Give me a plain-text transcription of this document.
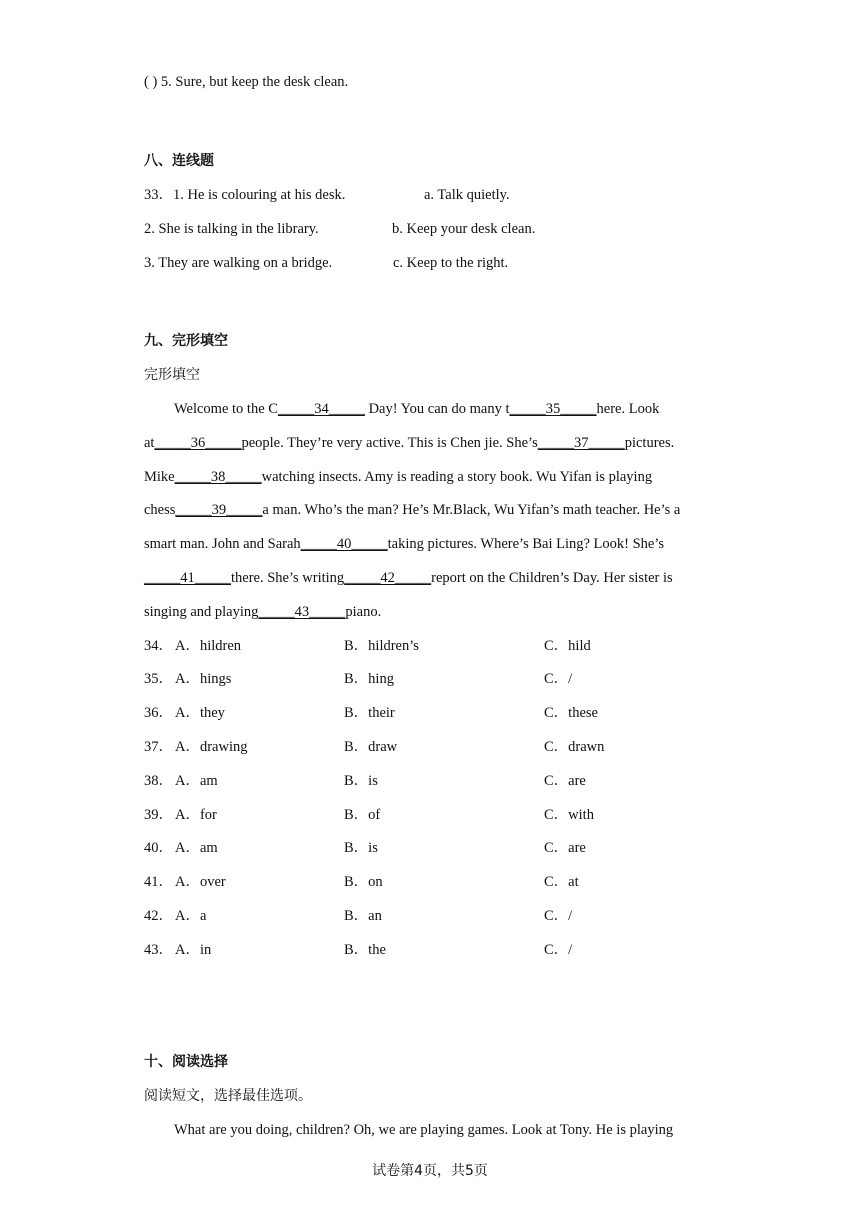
( ) 5. Sure, but keep the desk clean.
八、连线题
33．1. He is colouring at his desk.	a. Talk quietly.
2. She is talking in the library.	b. Keep your desk clean.
3. They are walking on a bridge.	c. Keep to the right.
九、完形填空
完形填空
Welcome to the C_____34_____ Day! You can do many t_____35_____here. Look
at_____36_____people. They’re very active. This is Chen jie. She’s_____37_____pictures.
Mike_____38_____watching insects. Amy is reading a story book. Wu Yifan is playing
chess_____39_____a man. Who’s the man? He’s Mr.Black, Wu Yifan’s math teacher. He’s a
smart man. John and Sarah_____40_____taking pictures. Where’s Bai Ling? Look! She’s
_____41_____there. She’s writing_____42_____report on the Children’s Day. Her sister is
singing and playing_____43_____piano.
34． A．hildren	B．hildren’s	C．hild
35． A．hings	B．hing	C．/
36． A．they	B．their	C．these
37． A．drawing	B．draw	C．drawn
38． A．am	B．is	C．are
39． A．for	B．of	C．with
40． A．am	B．is	C．are
41． A．over	B．on	C．at
42． A．a	B．an	C．/
43． A．in	B．the	C．/
十、阅读选择
阅读短文，选择最佳选项。
What are you doing, children? Oh, we are playing games. Look at Tony. He is playing
试卷第4页，共5页
